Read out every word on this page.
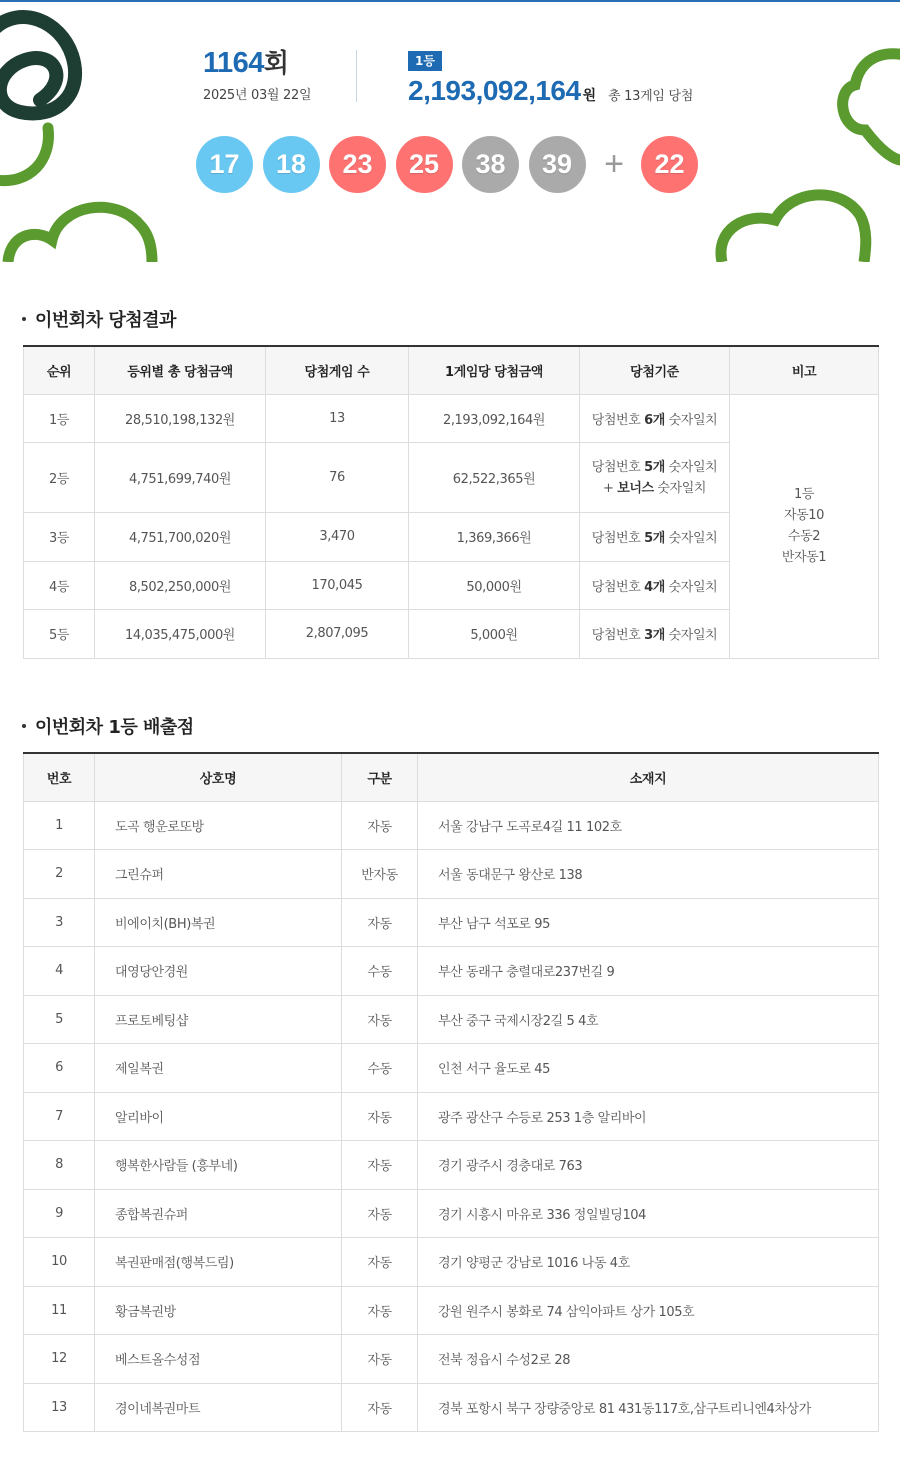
1164회
2025년 03월 22일
1등
2,193,092,164 원 총 13게임 당첨
17	18	23	25	38	39 +	22
이번회차 당첨결과
순위	등위별 총 당첨금액	당첨게임 수	1게임당 당첨금액	당첨기준	비고
1등	28,510,198,132원	13	2,193,092,164원	당첨번호 6개 숫자일치	1등
자동10
수동2
반자동1

2등	4,751,699,740원	76	62,522,365원	당첨번호 5개 숫자일치
+ 보너스 숫자일치	

3등	4,751,700,020원	3,470	1,369,366원	당첨번호 5개 숫자일치	
4등	8,502,250,000원	170,045	50,000원	당첨번호 4개 숫자일치	
5등	14,035,475,000원	2,807,095	5,000원	당첨번호 3개 숫자일치	
이번회차 1등 배출점
번호	상호명	구분	소재지
1	도곡 행운로또방	자동	서울 강남구 도곡로4길 11 102호
2	그린슈퍼	반자동	서울 동대문구 왕산로 138
3	비에이치(BH)복권	자동	부산 남구 석포로 95
4	대영당안경원	수동	부산 동래구 충렬대로237번길 9
5	프로토베팅샵	자동	부산 중구 국제시장2길 5 4호
6	제일복권	수동	인천 서구 율도로 45
7	알리바이	자동	광주 광산구 수등로 253 1층 알리바이
8	행복한사람들 (흥부네)	자동	경기 광주시 경충대로 763
9	종합복권슈퍼	자동	경기 시흥시 마유로 336 정일빌딩104
10	복권판매점(행복드림)	자동	경기 양평군 강남로 1016 나동 4호
11	황금복권방	자동	강원 원주시 봉화로 74 삼익아파트 상가 105호
12	베스트올수성점	자동	전북 정읍시 수성2로 28
13	경이네복권마트	자동	경북 포항시 북구 장량중앙로 81 431동117호,삼구트리니엔4차상가
